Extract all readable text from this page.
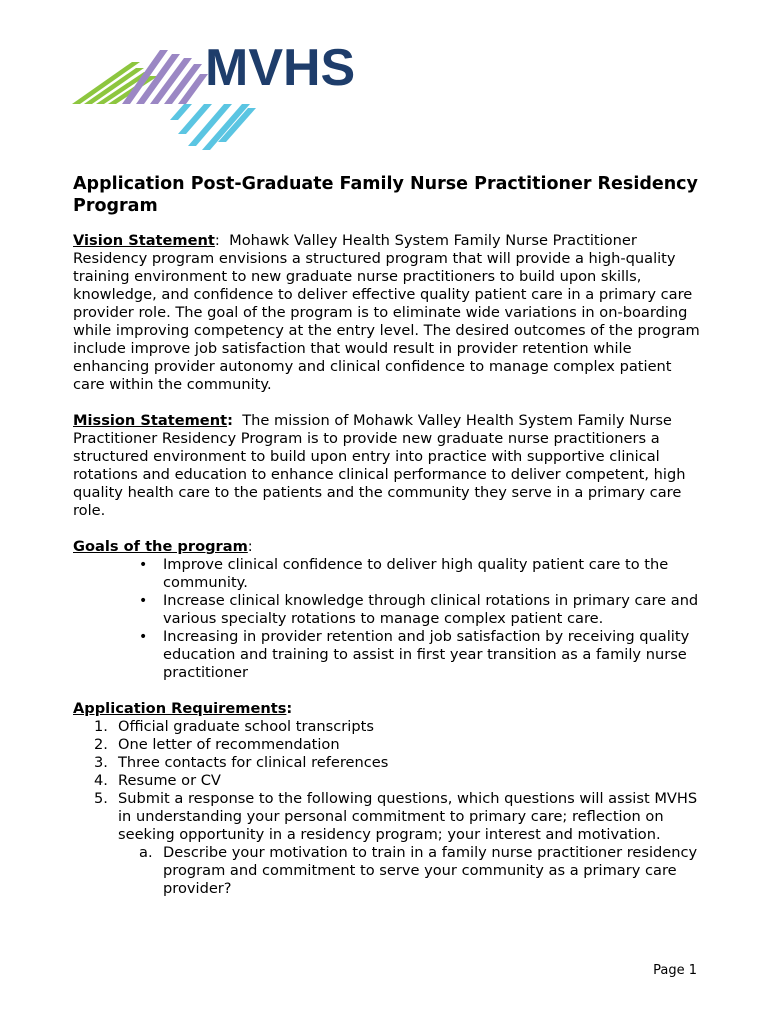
MVHS
Application Post-Graduate Family Nurse Practitioner Residency Program

Vision Statement: Mohawk Valley Health System Family Nurse Practitioner Residency program envisions a structured program that will provide a high-quality training environment to new graduate nurse practitioners to build upon skills, knowledge, and confidence to deliver effective quality patient care in a primary care provider role. The goal of the program is to eliminate wide variations in on-boarding while improving competency at the entry level. The desired outcomes of the program include improve job satisfaction that would result in provider retention while enhancing provider autonomy and clinical confidence to manage complex patient care within the community.

Mission Statement: The mission of Mohawk Valley Health System Family Nurse Practitioner Residency Program is to provide new graduate nurse practitioners a structured environment to build upon entry into practice with supportive clinical rotations and education to enhance clinical performance to deliver competent, high quality health care to the patients and the community they serve in a primary care role.

Goals of the program:
• Improve clinical confidence to deliver high quality patient care to the community.
• Increase clinical knowledge through clinical rotations in primary care and various specialty rotations to manage complex patient care.
• Increasing in provider retention and job satisfaction by receiving quality education and training to assist in first year transition as a family nurse practitioner
Application Requirements:
1. Official graduate school transcripts
2. One letter of recommendation
3. Three contacts for clinical references
4. Resume or CV
5. Submit a response to the following questions, which questions will assist MVHS in understanding your personal commitment to primary care; reflection on seeking opportunity in a residency program; your interest and motivation.
a. Describe your motivation to train in a family nurse practitioner residency program and commitment to serve your community as a primary care provider?
Page 1
